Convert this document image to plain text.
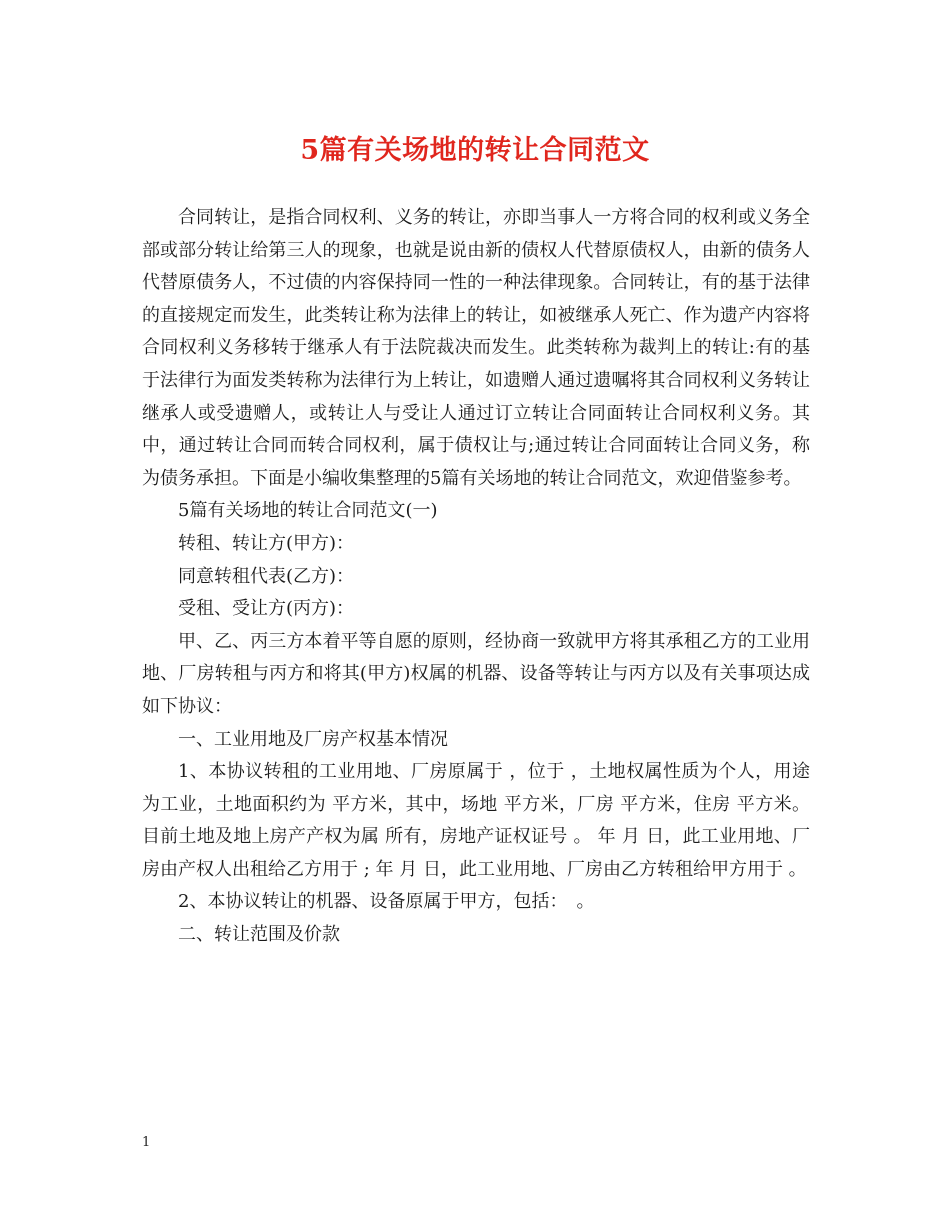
5篇有关场地的转让合同范文

合同转让，是指合同权利、义务的转让，亦即当事人一方将合同的权利或义务全部或部分转让给第三人的现象，也就是说由新的债权人代替原债权人，由新的债务人代替原债务人，不过债的内容保持同一性的一种法律现象。合同转让，有的基于法律的直接规定而发生，此类转让称为法律上的转让，如被继承人死亡、作为遗产内容将合同权利义务移转于继承人有于法院裁决而发生。此类转称为裁判上的转让:有的基于法律行为面发类转称为法律行为上转让，如遗赠人通过遗嘱将其合同权利义务转让继承人或受遗赠人，或转让人与受让人通过订立转让合同面转让合同权利义务。其中，通过转让合同而转合同权利，属于债权让与;通过转让合同面转让合同义务，称为债务承担。下面是小编收集整理的5篇有关场地的转让合同范文，欢迎借鉴参考。

5篇有关场地的转让合同范文(一)

转租、转让方(甲方)：

同意转租代表(乙方)：

受租、受让方(丙方)：

甲、乙、丙三方本着平等自愿的原则，经协商一致就甲方将其承租乙方的工业用地、厂房转租与丙方和将其(甲方)权属的机器、设备等转让与丙方以及有关事项达成如下协议：

一、工业用地及厂房产权基本情况

1、本协议转租的工业用地、厂房原属于 ，位于 ，土地权属性质为个人，用途为工业，土地面积约为 平方米，其中，场地 平方米，厂房 平方米，住房 平方米。目前土地及地上房产产权为属 所有，房地产证权证号 。 年 月 日，此工业用地、厂房由产权人出租给乙方用于 ; 年 月 日，此工业用地、厂房由乙方转租给甲方用于 。

2、本协议转让的机器、设备原属于甲方，包括：　。

二、转让范围及价款

1
